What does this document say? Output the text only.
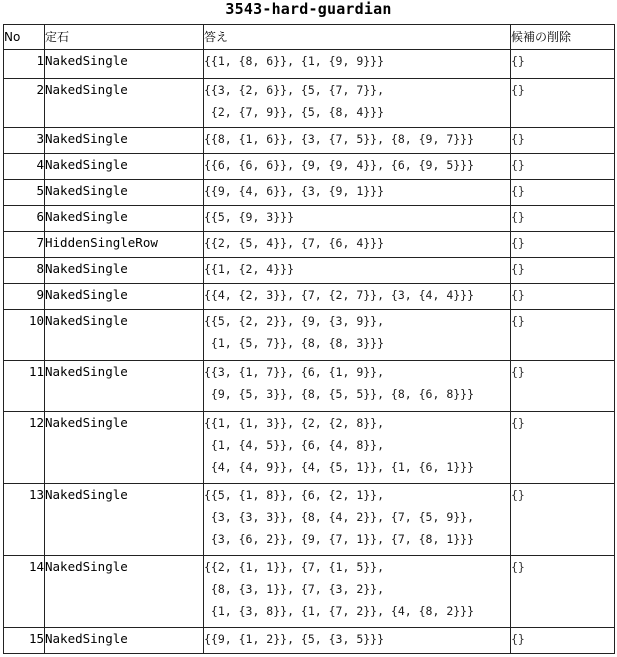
3543-hard-guardian
No	定石	答え	候補の削除
1	NakedSingle	{{1, {8, 6}}, {1, {9, 9}}}	{}
2	NakedSingle	{{3, {2, 6}}, {5, {7, 7}},
{2, {7, 9}}, {5, {8, 4}}}	{}
3	NakedSingle	{{8, {1, 6}}, {3, {7, 5}}, {8, {9, 7}}}	{}
4	NakedSingle	{{6, {6, 6}}, {9, {9, 4}}, {6, {9, 5}}}	{}
5	NakedSingle	{{9, {4, 6}}, {3, {9, 1}}}	{}
6	NakedSingle	{{5, {9, 3}}}	{}
7	HiddenSingleRow	{{2, {5, 4}}, {7, {6, 4}}}	{}
8	NakedSingle	{{1, {2, 4}}}	{}
9	NakedSingle	{{4, {2, 3}}, {7, {2, 7}}, {3, {4, 4}}}	{}
10	NakedSingle	{{5, {2, 2}}, {9, {3, 9}},
{1, {5, 7}}, {8, {8, 3}}}	{}
11	NakedSingle	{{3, {1, 7}}, {6, {1, 9}},
{9, {5, 3}}, {8, {5, 5}}, {8, {6, 8}}}	{}
12	NakedSingle	{{1, {1, 3}}, {2, {2, 8}},
{1, {4, 5}}, {6, {4, 8}},
{4, {4, 9}}, {4, {5, 1}}, {1, {6, 1}}}	{}
13	NakedSingle	{{5, {1, 8}}, {6, {2, 1}},
{3, {3, 3}}, {8, {4, 2}}, {7, {5, 9}},
{3, {6, 2}}, {9, {7, 1}}, {7, {8, 1}}}	{}
14	NakedSingle	{{2, {1, 1}}, {7, {1, 5}},
{8, {3, 1}}, {7, {3, 2}},
{1, {3, 8}}, {1, {7, 2}}, {4, {8, 2}}}	{}
15	NakedSingle	{{9, {1, 2}}, {5, {3, 5}}}	{}
